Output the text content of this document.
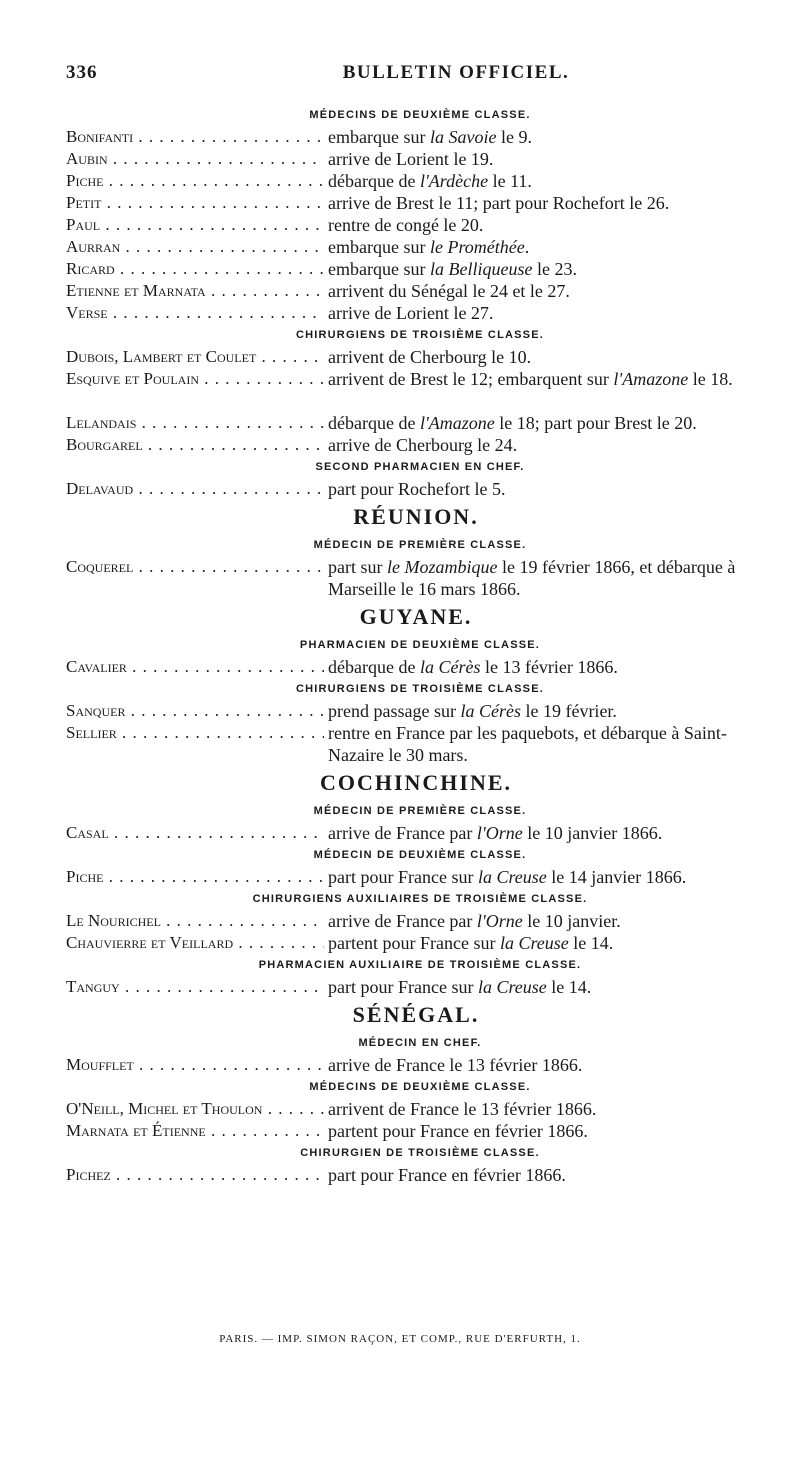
336	BULLETIN OFFICIEL.
MÉDECINS DE DEUXIÈME CLASSE.
Bonifanti . . .	embarque sur la Savoie le 9.
Aubin . . .	arrive de Lorient le 19.
Piche . . .	débarque de l'Ardèche le 11.
Petit . . .	arrive de Brest le 11; part pour Rochefort le 26.
Paul . . .	rentre de congé le 20.
Aurran . . .	embarque sur le Prométhée.
Ricard . . .	embarque sur la Belliqueuse le 23.
Etienne et Marnata . . .	arrivent du Sénégal le 24 et le 27.
Verse . . .	arrive de Lorient le 27.
CHIRURGIENS DE TROISIÈME CLASSE.
Dubois, Lambert et Coulet . . .	arrivent de Cherbourg le 10.
Esquive et Poulain . . .	arrivent de Brest le 12; embarquent sur l'Amazone le 18.
Lelandais . . .	débarque de l'Amazone le 18; part pour Brest le 20.
Bourgarel . . .	arrive de Cherbourg le 24.
SECOND PHARMACIEN EN CHEF.
Delavaud . . .	part pour Rochefort le 5.
RÉUNION.
MÉDECIN DE PREMIÈRE CLASSE.
Coquerel . . .	part sur le Mozambique le 19 février 1866, et débarque à Marseille le 16 mars 1866.
GUYANE.
PHARMACIEN DE DEUXIÈME CLASSE.
Cavalier . . .	débarque de la Cérès le 13 février 1866.
CHIRURGIENS DE TROISIÈME CLASSE.
Sanquer . . .	prend passage sur la Cérès le 19 février.
Sellier . . .	rentre en France par les paquebots, et débarque à Saint-Nazaire le 30 mars.
COCHINCHINE.
MÉDECIN DE PREMIÈRE CLASSE.
Casal . . .	arrive de France par l'Orne le 10 janvier 1866.
MÉDECIN DE DEUXIÈME CLASSE.
Piche . . .	part pour France sur la Creuse le 14 janvier 1866.
CHIRURGIENS AUXILIAIRES DE TROISIÈME CLASSE.
Le Nourichel . . .	arrive de France par l'Orne le 10 janvier.
Chauvierre et Veillard . . .	partent pour France sur la Creuse le 14.
PHARMACIEN AUXILIAIRE DE TROISIÈME CLASSE.
Tanguy . . .	part pour France sur la Creuse le 14.
SÉNÉGAL.
MÉDECIN EN CHEF.
Moufflet . . .	arrive de France le 13 février 1866.
MÉDECINS DE DEUXIÈME CLASSE.
O'Neill, Michel et Thoulon . . .	arrivent de France le 13 février 1866.
Marnata et Étienne . . .	partent pour France en février 1866.
CHIRURGIEN DE TROISIÈME CLASSE.
Pichez . . .	part pour France en février 1866.
PARIS. — IMP. SIMON RAÇON, ET COMP., RUE D'ERFURTH, 1.
